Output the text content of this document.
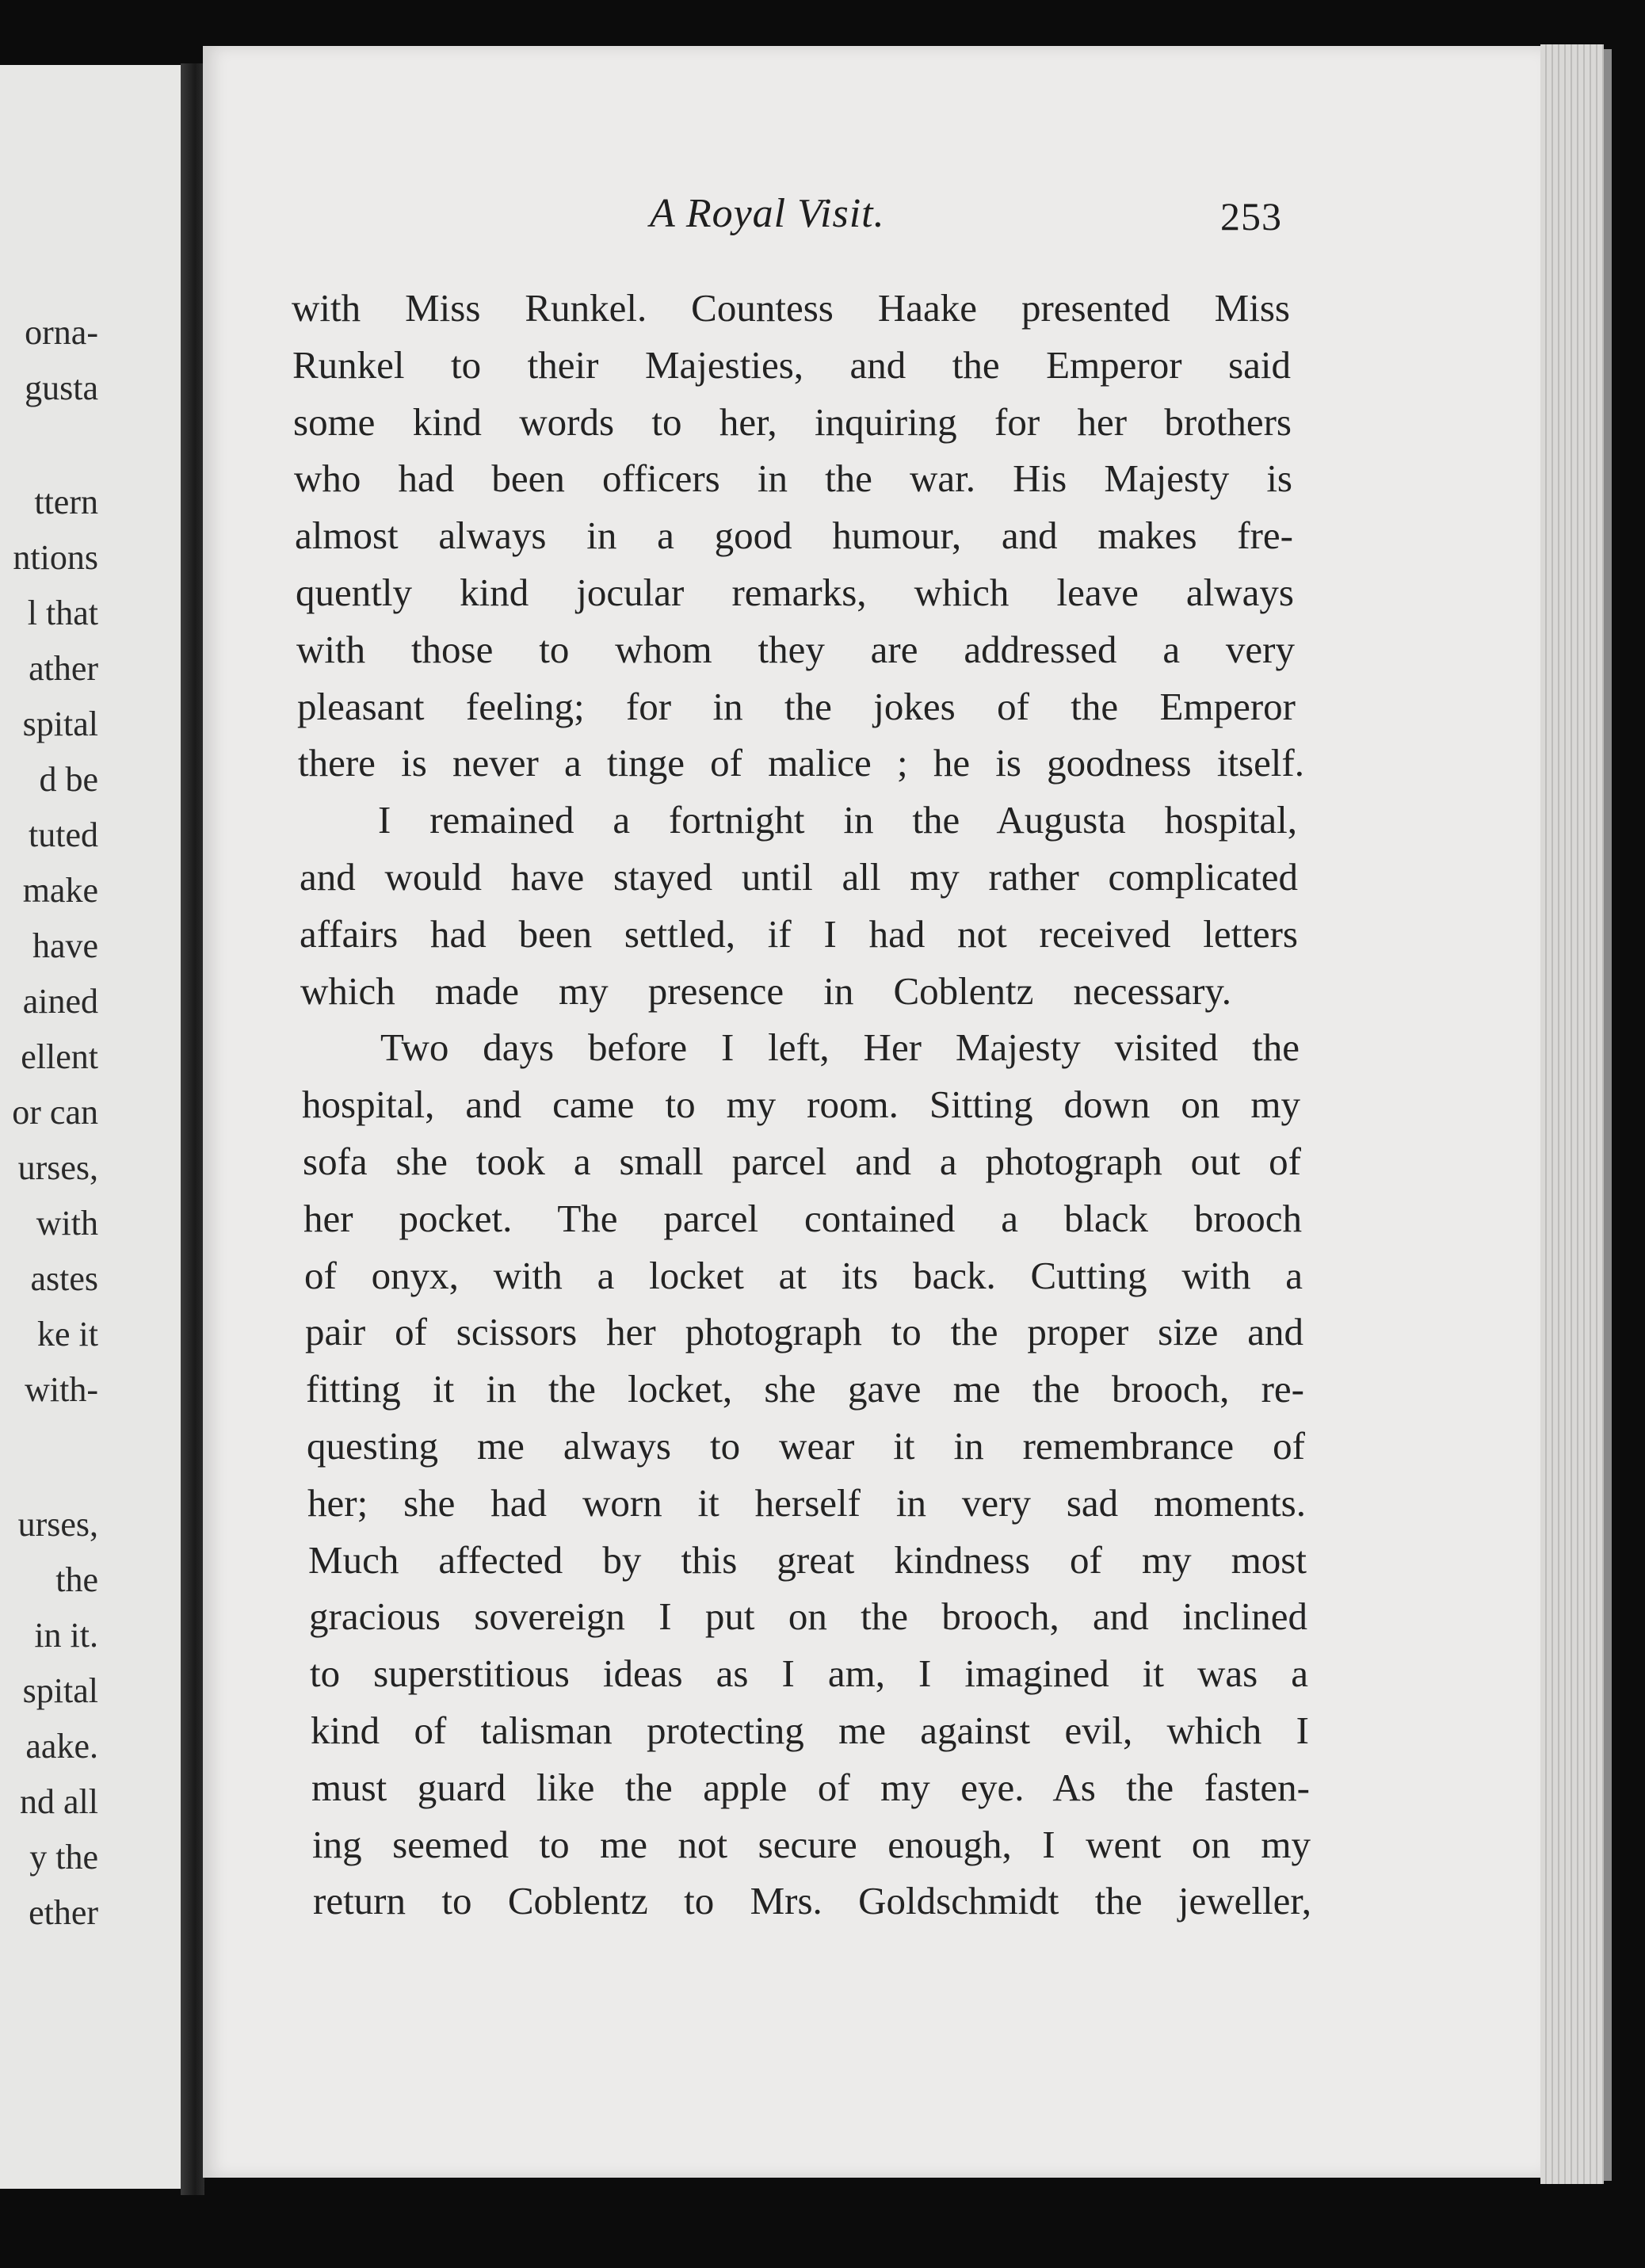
orna-
gusta
ttern
ntions
l that
ather
spital
d be
tuted
make
have
ained
ellent
or can
urses,
with
astes
ke it
with-
urses,
the
in it.
spital
aake.
nd all
y the
ether
A Royal Visit.	253
with Miss Runkel. Countess Haake presented Miss
Runkel to their Majesties, and the Emperor said
some kind words to her, inquiring for her brothers
who had been officers in the war. His Majesty is
almost always in a good humour, and makes fre-
quently kind jocular remarks, which leave always
with those to whom they are addressed a very
pleasant feeling; for in the jokes of the Emperor
there is never a tinge of malice ; he is goodness itself.
I remained a fortnight in the Augusta hospital,
and would have stayed until all my rather complicated
affairs had been settled, if I had not received letters
which made my presence in Coblentz necessary.
Two days before I left, Her Majesty visited the
hospital, and came to my room. Sitting down on my
sofa she took a small parcel and a photograph out of
her pocket. The parcel contained a black brooch
of onyx, with a locket at its back. Cutting with a
pair of scissors her photograph to the proper size and
fitting it in the locket, she gave me the brooch, re-
questing me always to wear it in remembrance of
her; she had worn it herself in very sad moments.
Much affected by this great kindness of my most
gracious sovereign I put on the brooch, and inclined
to superstitious ideas as I am, I imagined it was a
kind of talisman protecting me against evil, which I
must guard like the apple of my eye. As the fasten-
ing seemed to me not secure enough, I went on my
return to Coblentz to Mrs. Goldschmidt the jeweller,
